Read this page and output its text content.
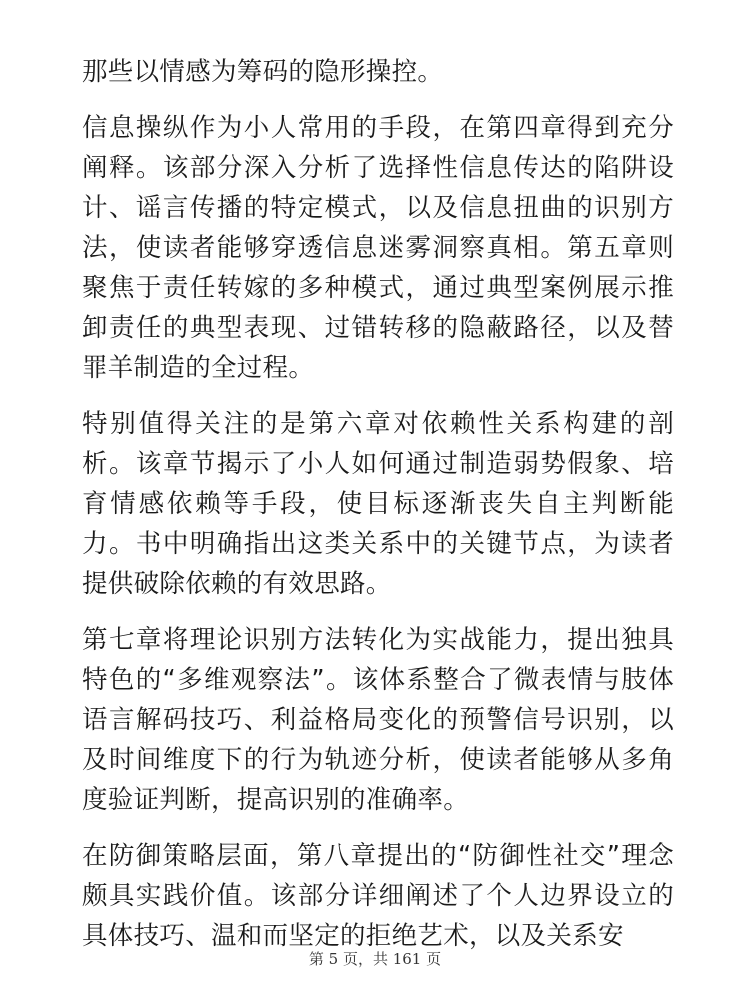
那些以情感为筹码的隐形操控。

信息操纵作为小人常用的手段，在第四章得到充分阐释。该部分深入分析了选择性信息传达的陷阱设计、谣言传播的特定模式，以及信息扭曲的识别方法，使读者能够穿透信息迷雾洞察真相。第五章则聚焦于责任转嫁的多种模式，通过典型案例展示推卸责任的典型表现、过错转移的隐蔽路径，以及替罪羊制造的全过程。

特别值得关注的是第六章对依赖性关系构建的剖析。该章节揭示了小人如何通过制造弱势假象、培育情感依赖等手段，使目标逐渐丧失自主判断能力。书中明确指出这类关系中的关键节点，为读者提供破除依赖的有效思路。

第七章将理论识别方法转化为实战能力，提出独具特色的“多维观察法”。该体系整合了微表情与肢体语言解码技巧、利益格局变化的预警信号识别，以及时间维度下的行为轨迹分析，使读者能够从多角度验证判断，提高识别的准确率。

在防御策略层面，第八章提出的“防御性社交”理念颇具实践价值。该部分详细阐述了个人边界设立的具体技巧、温和而坚定的拒绝艺术，以及关系安

第 5 页，共 161 页
